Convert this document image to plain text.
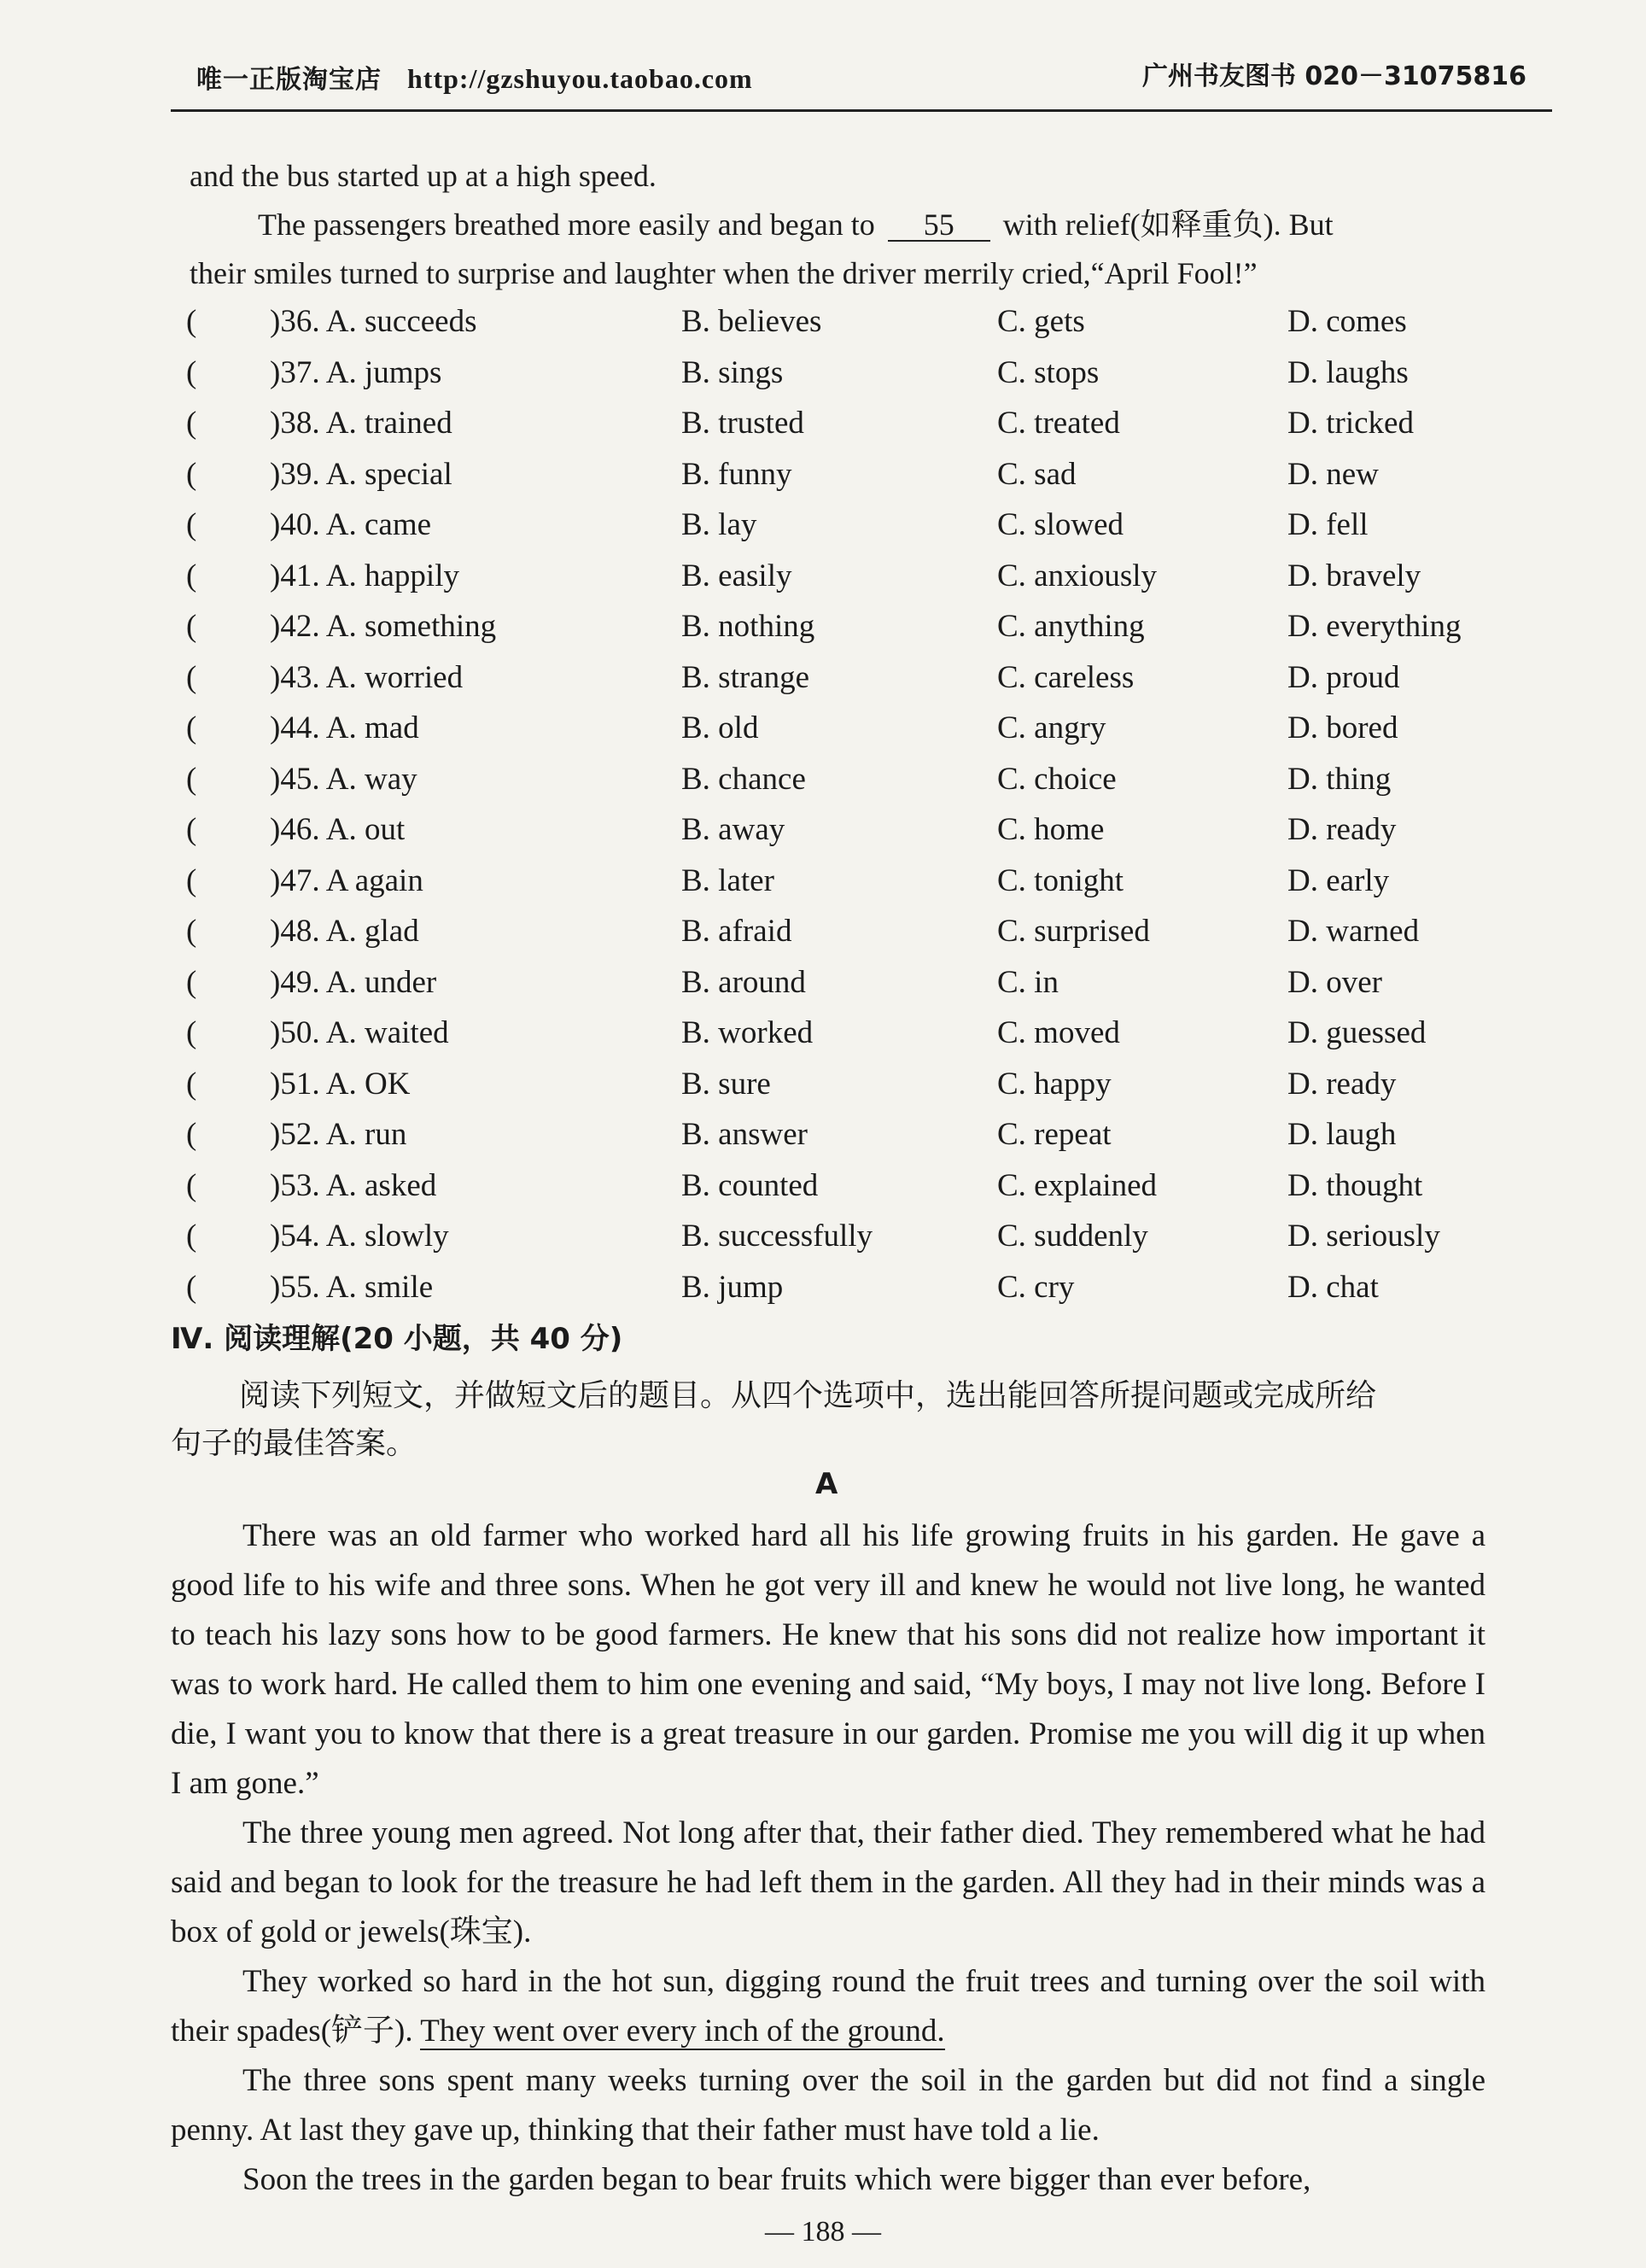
唯一正版淘宝店 http://gzshuyou.taobao.com	广州书友图书 020－31075816
and the bus started up at a high speed.
The passengers breathed more easily and began to 55 with relief(如释重负). But
their smiles turned to surprise and laughter when the driver merrily cried,“April Fool!”
( )36. A. succeeds	B. believes	C. gets	D. comes
( )37. A. jumps	B. sings	C. stops	D. laughs
( )38. A. trained	B. trusted	C. treated	D. tricked
( )39. A. special	B. funny	C. sad	D. new
( )40. A. came	B. lay	C. slowed	D. fell
( )41. A. happily	B. easily	C. anxiously	D. bravely
( )42. A. something	B. nothing	C. anything	D. everything
( )43. A. worried	B. strange	C. careless	D. proud
( )44. A. mad	B. old	C. angry	D. bored
( )45. A. way	B. chance	C. choice	D. thing
( )46. A. out	B. away	C. home	D. ready
( )47. A again	B. later	C. tonight	D. early
( )48. A. glad	B. afraid	C. surprised	D. warned
( )49. A. under	B. around	C. in	D. over
( )50. A. waited	B. worked	C. moved	D. guessed
( )51. A. OK	B. sure	C. happy	D. ready
( )52. A. run	B. answer	C. repeat	D. laugh
( )53. A. asked	B. counted	C. explained	D. thought
( )54. A. slowly	B. successfully	C. suddenly	D. seriously
( )55. A. smile	B. jump	C. cry	D. chat
Ⅳ. 阅读理解(20 小题，共 40 分)
阅读下列短文，并做短文后的题目。从四个选项中，选出能回答所提问题或完成所给
句子的最佳答案。
A

There was an old farmer who worked hard all his life growing fruits in his garden. He gave a good life to his wife and three sons. When he got very ill and knew he would not live long, he wanted to teach his lazy sons how to be good farmers. He knew that his sons did not realize how important it was to work hard. He called them to him one evening and said, “My boys, I may not live long. Before I die, I want you to know that there is a great treasure in our garden. Promise me you will dig it up when I am gone.”

The three young men agreed. Not long after that, their father died. They remembered what he had said and began to look for the treasure he had left them in the garden. All they had in their minds was a box of gold or jewels(珠宝).

They worked so hard in the hot sun, digging round the fruit trees and turning over the soil with their spades(铲子). They went over every inch of the ground.

The three sons spent many weeks turning over the soil in the garden but did not find a single penny. At last they gave up, thinking that their father must have told a lie.

Soon the trees in the garden began to bear fruits which were bigger than ever before,

— 188 —
